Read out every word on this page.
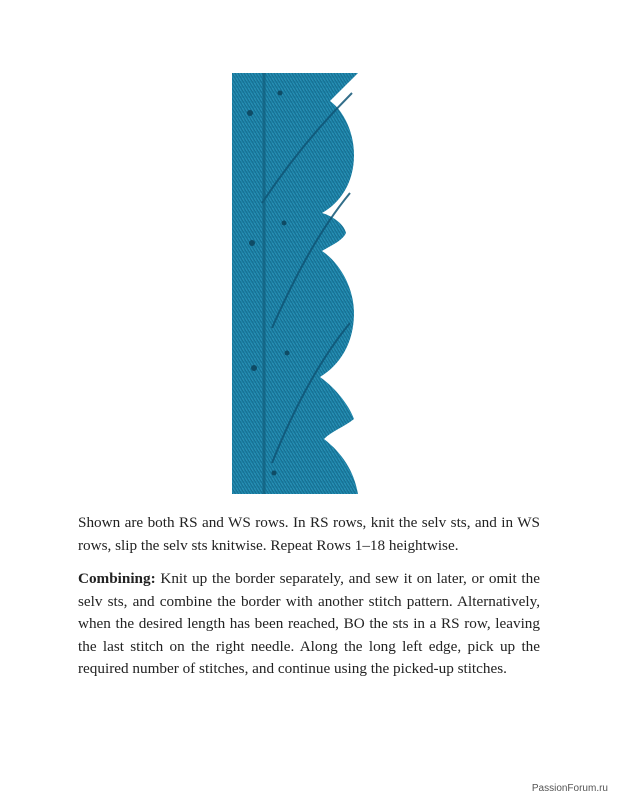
Shown are both RS and WS rows. In RS rows, knit the selv sts, and in WS rows, slip the selv sts knitwise. Repeat Rows 1–18 heightwise.

Combining: Knit up the border separately, and sew it on later, or omit the selv sts, and combine the border with another stitch pattern. Alternatively, when the desired length has been reached, BO the sts in a RS row, leaving the last stitch on the right needle. Along the long left edge, pick up the required number of stitches, and continue using the picked-up stitches.

PassionForum.ru
